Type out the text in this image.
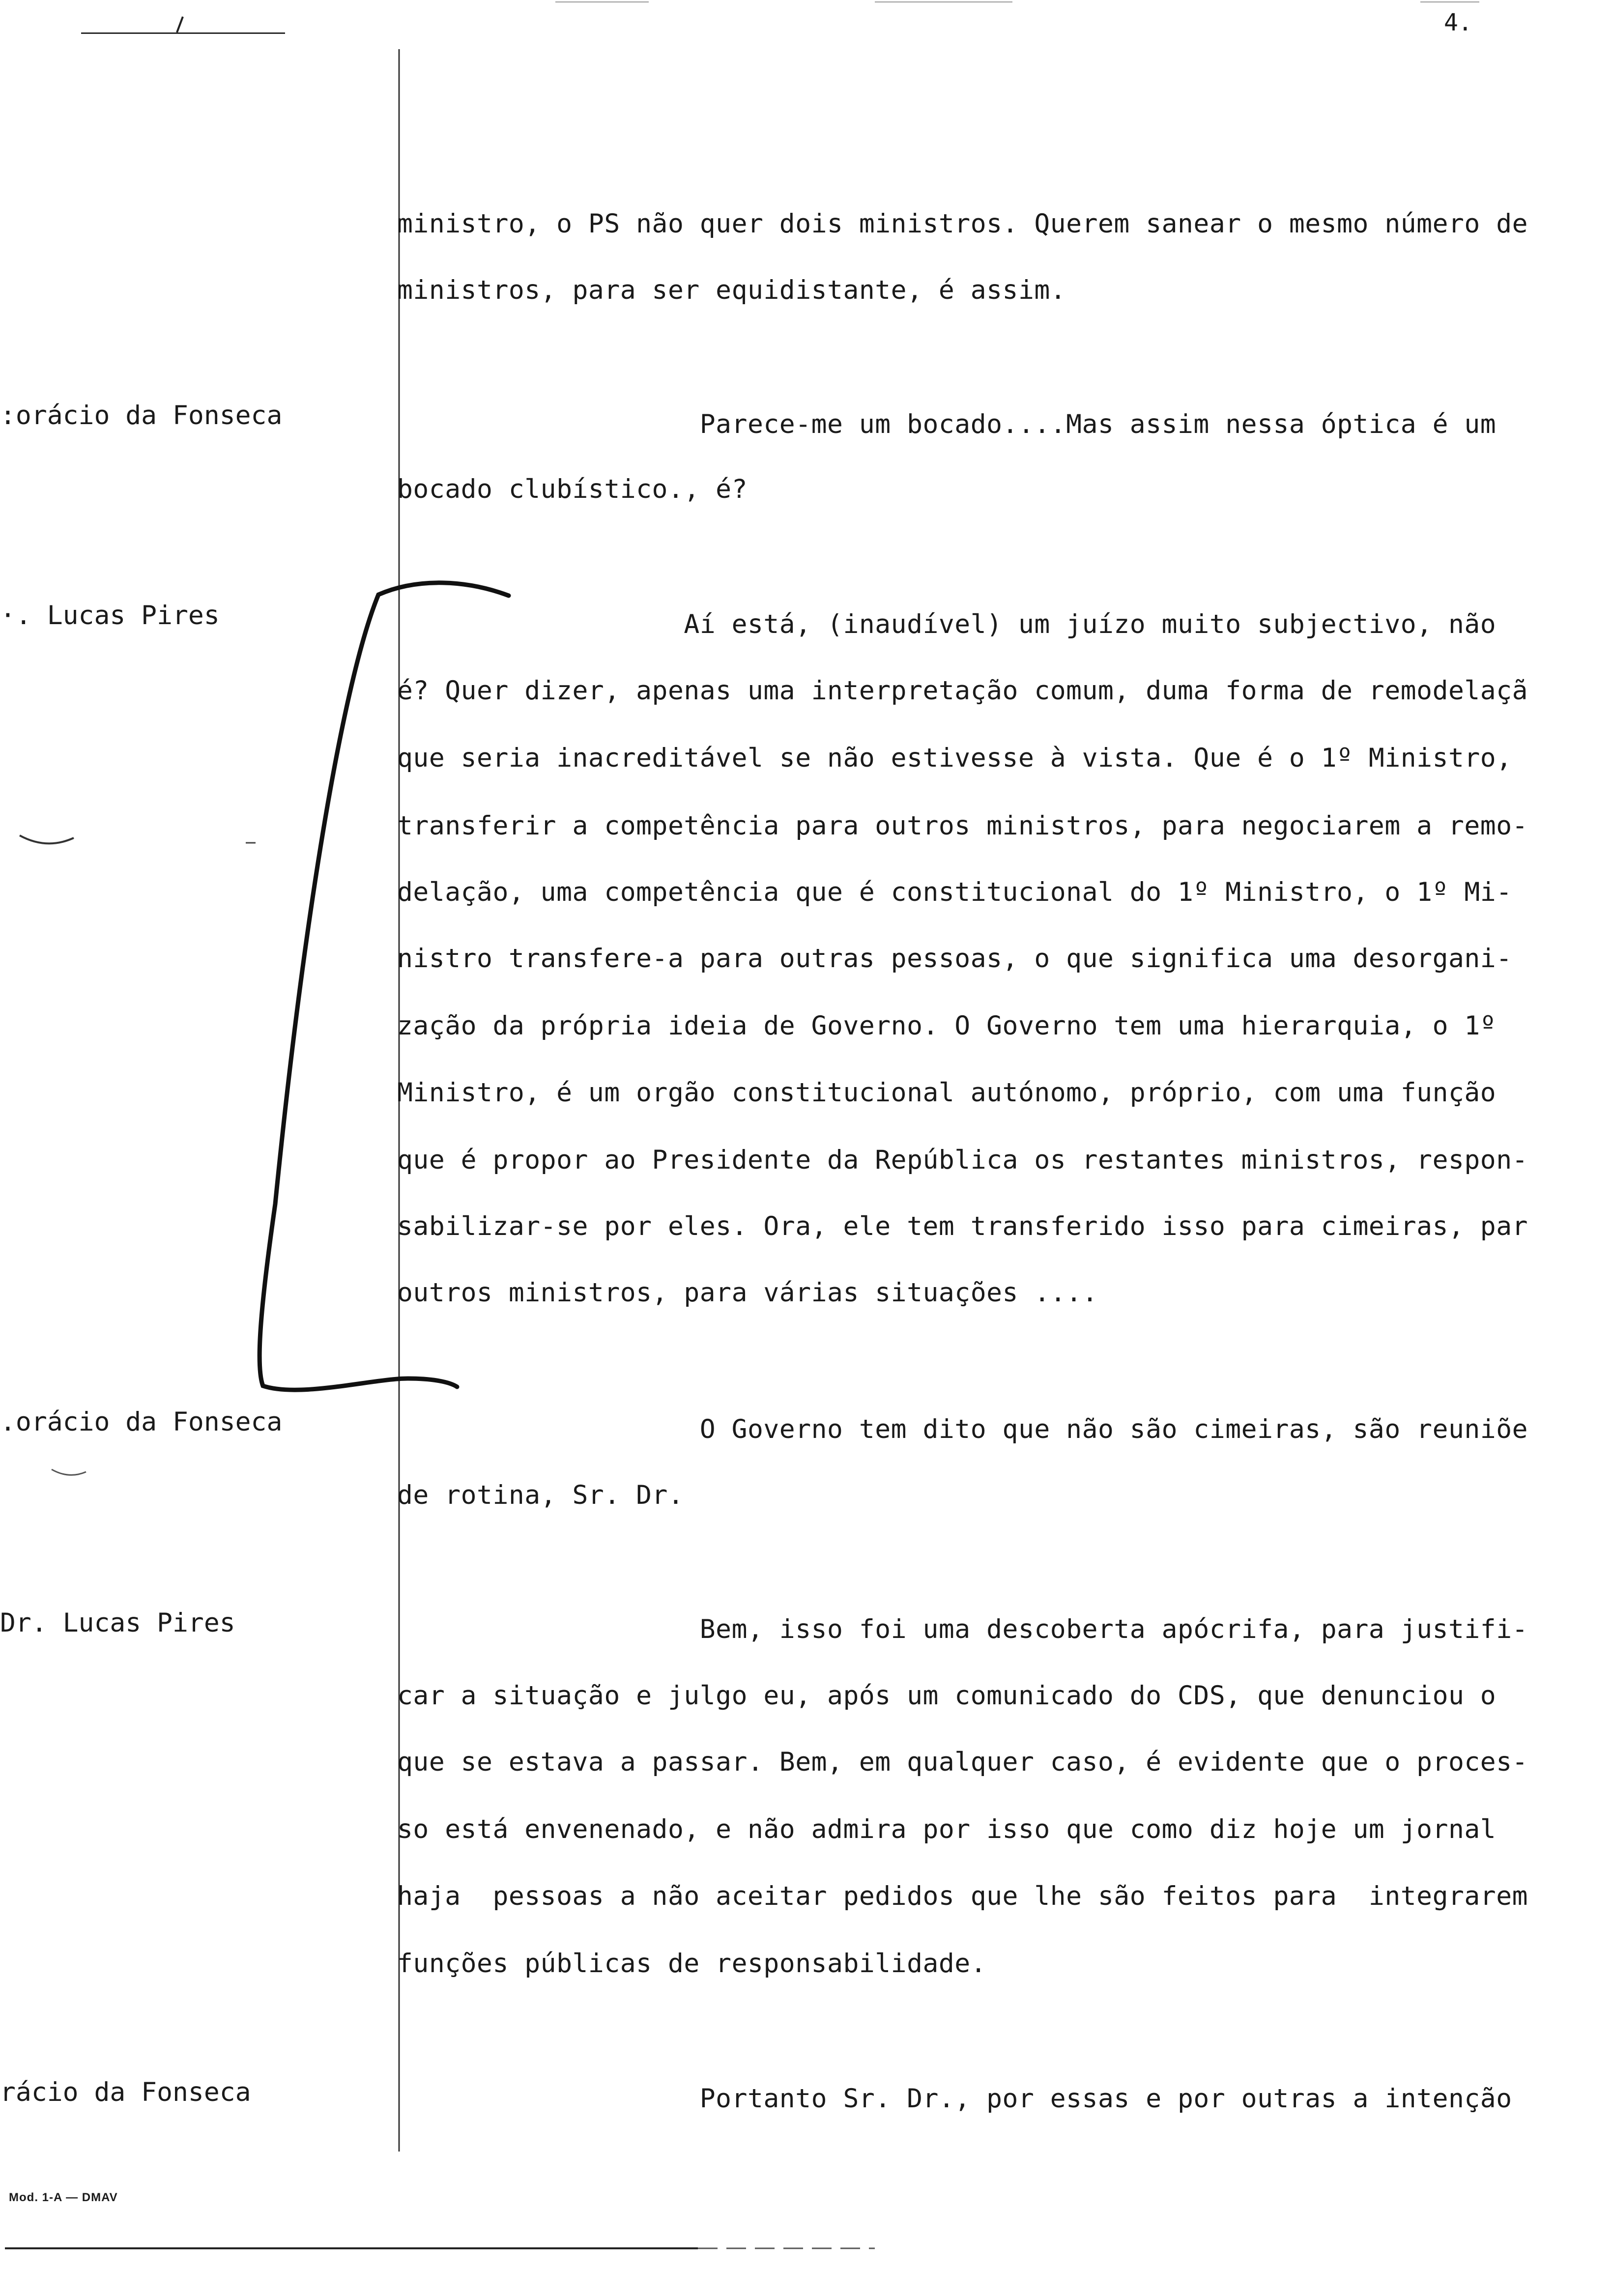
4.
:orácio da Fonseca
·. Lucas Pires
.orácio da Fonseca
Dr. Lucas Pires
rácio da Fonseca
ministro, o PS não quer dois ministros. Querem sanear o mesmo número de
ministros, para ser equidistante, é assim.
Parece-me um bocado....Mas assim nessa óptica é um
bocado clubístico., é?
Aí está, (inaudível) um juízo muito subjectivo, não
é? Quer dizer, apenas uma interpretação comum, duma forma de remodelaçã
que seria inacreditável se não estivesse à vista. Que é o 1º Ministro,
transferir a competência para outros ministros, para negociarem a remo-
delação, uma competência que é constitucional do 1º Ministro, o 1º Mi-
nistro transfere-a para outras pessoas, o que significa uma desorgani-
zação da própria ideia de Governo. O Governo tem uma hierarquia, o 1º
Ministro, é um orgão constitucional autónomo, próprio, com uma função
que é propor ao Presidente da República os restantes ministros, respon-
sabilizar-se por eles. Ora, ele tem transferido isso para cimeiras, par
outros ministros, para várias situações ....
O Governo tem dito que não são cimeiras, são reuniõe
de rotina, Sr. Dr.
Bem, isso foi uma descoberta apócrifa, para justifi-
car a situação e julgo eu, após um comunicado do CDS, que denunciou o
que se estava a passar. Bem, em qualquer caso, é evidente que o proces-
so está envenenado, e não admira por isso que como diz hoje um jornal
haja  pessoas a não aceitar pedidos que lhe são feitos para  integrarem
funções públicas de responsabilidade.
Portanto Sr. Dr., por essas e por outras a intenção
Mod. 1-A — DMAV
